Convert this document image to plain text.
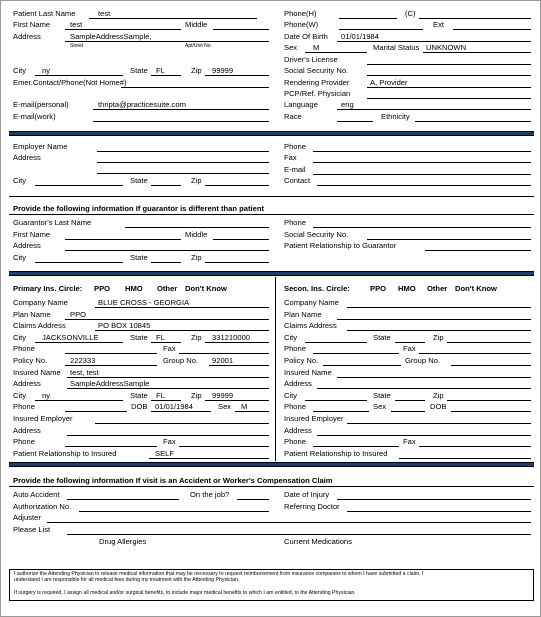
Patient Last Name	test
First Name	test	Middle
Address	SampleAddressSample,
Street	Apt/Unit No.
City ny	State FL	Zip 99999
Emer.Contact/Phone(Not Home#)
E-mail(personal)	thripta@practicesuite.com
E-mail(work)
Phone(H)	(C)
Phone(W)	Ext
Date Of Birth 01/01/1984
Sex M	Marital Status UNKNOWN
Driver's License
Social Security No.
Rendering Provider	A, Provider
PCP/Ref. Physician
Language	eng
Race	Ethnicity
Employer Name
Address
City	State	Zip
Phone
Fax
E-mail
Contact
Provide the following information If guarantor is different than patient
Guarantor's Last Name
First Name	Middle
Address
City	State	Zip
Phone
Social Security No.
Patient Relationship to Guarantor
Primary Ins. Circle: PPO HMO Other Don't Know
Company Name	BLUE CROSS - GEORGIA
Plan Name	PPO
Claims Address	PO BOX 10845
City JACKSONVILLE	State FL	Zip 331210000
Phone	Fax
Policy No.	222333	Group No. 92001
Insured Name test, test
Address	SampleAddressSample
City ny	State FL	Zip 99999
Phone	DOB 01/01/1984	Sex M
Insured Employer
Address
Phone	Fax
Patient Relationship to Insured	SELF
Secon. Ins. Circle:	PPO HMO Other Don't Know
Company Name
Plan Name
Claims Address
City	State	Zip
Phone	Fax
Policy No.	Group No.
Insured Name
Address
City	State	Zip
Phone	Sex	DOB
Insured Employer
Address
Phone	Fax
Patient Relationship to Insured
Provide the following information If visit is an Accident or Worker's Compensation Claim
Auto Accident	On the job?	Date of Injury
Authorization No.	Referring Doctor
Adjuster
Please List
Drug Allergies	Current Medications
I authorize the Attending Physician to release medical information that may be necessary to request reimbursement from insurance companies to whom I have submitted a claim. I
understand I am responsible for all medical fees during my treatment with the Attending Physician.
If surgery is required, I assign all medical and/or surgical benefits, to include major medical benefits to which I am entitled, to the Attending Physician.
